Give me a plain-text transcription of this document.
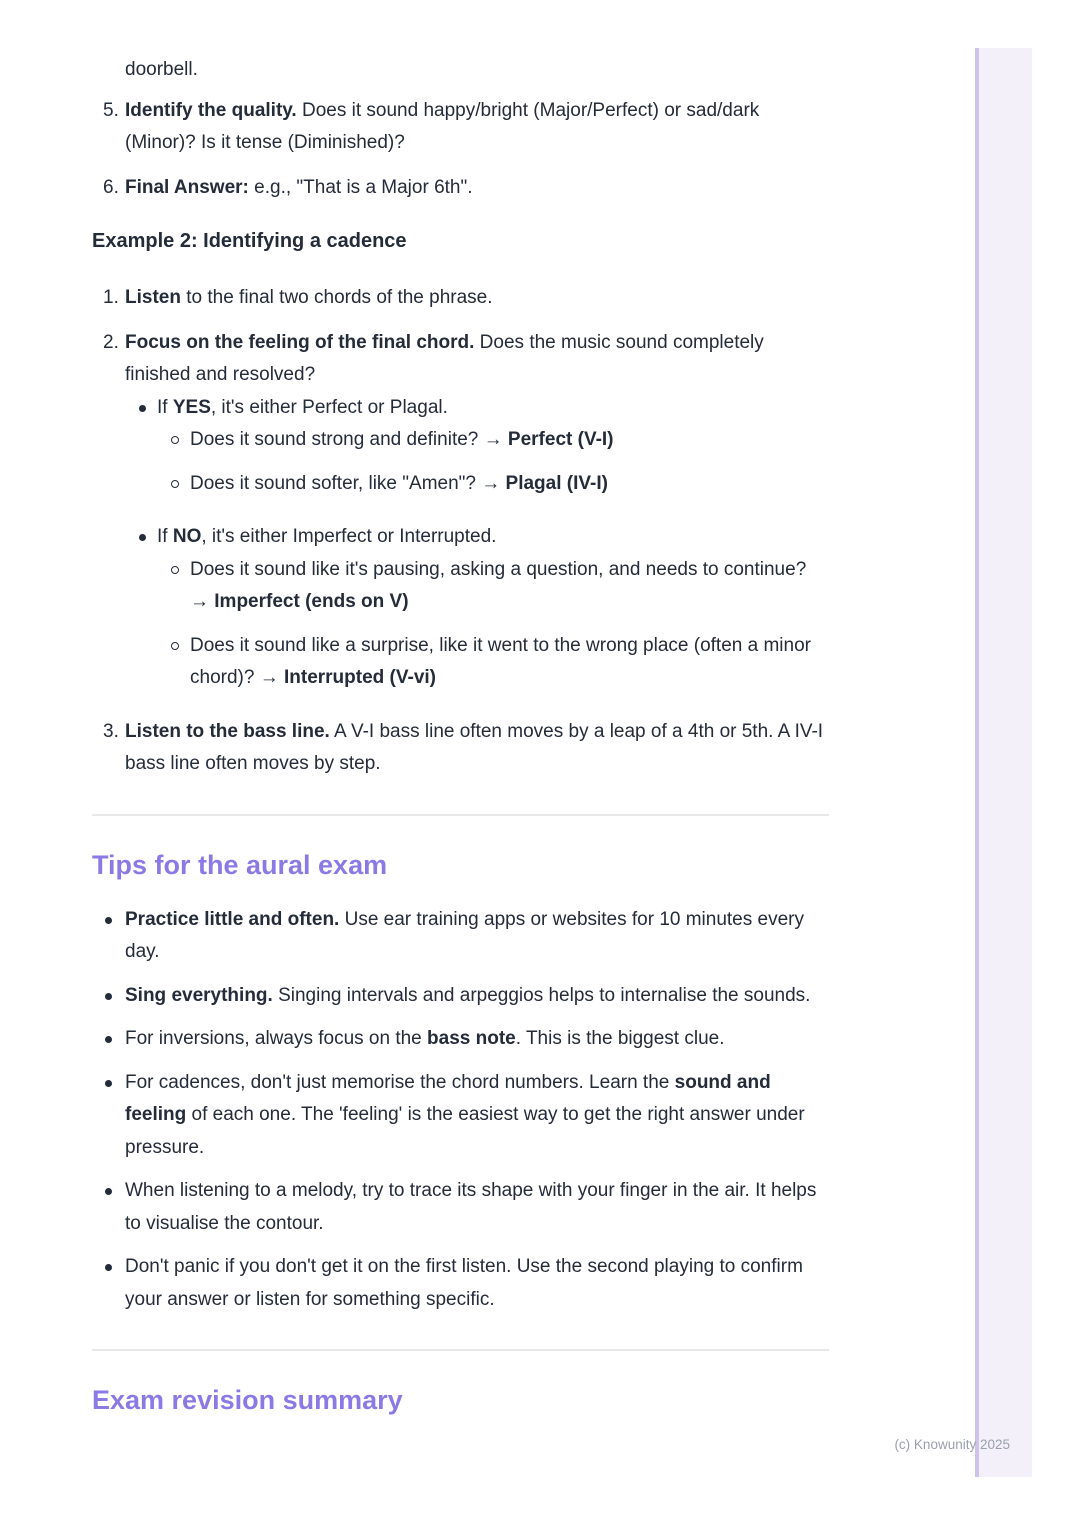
doorbell.
5. Identify the quality. Does it sound happy/bright (Major/Perfect) or sad/dark (Minor)? Is it tense (Diminished)?
6. Final Answer: e.g., "That is a Major 6th".
Example 2: Identifying a cadence
1. Listen to the final two chords of the phrase.
2. Focus on the feeling of the final chord. Does the music sound completely finished and resolved?
If YES, it's either Perfect or Plagal.
Does it sound strong and definite? → Perfect (V-I)
Does it sound softer, like "Amen"? → Plagal (IV-I)
If NO, it's either Imperfect or Interrupted.
Does it sound like it's pausing, asking a question, and needs to continue? → Imperfect (ends on V)
Does it sound like a surprise, like it went to the wrong place (often a minor chord)? → Interrupted (V-vi)
3. Listen to the bass line. A V-I bass line often moves by a leap of a 4th or 5th. A IV-I bass line often moves by step.
Tips for the aural exam
Practice little and often. Use ear training apps or websites for 10 minutes every day.
Sing everything. Singing intervals and arpeggios helps to internalise the sounds.
For inversions, always focus on the bass note. This is the biggest clue.
For cadences, don't just memorise the chord numbers. Learn the sound and feeling of each one. The 'feeling' is the easiest way to get the right answer under pressure.
When listening to a melody, try to trace its shape with your finger in the air. It helps to visualise the contour.
Don't panic if you don't get it on the first listen. Use the second playing to confirm your answer or listen for something specific.
Exam revision summary
(c) Knowunity 2025
